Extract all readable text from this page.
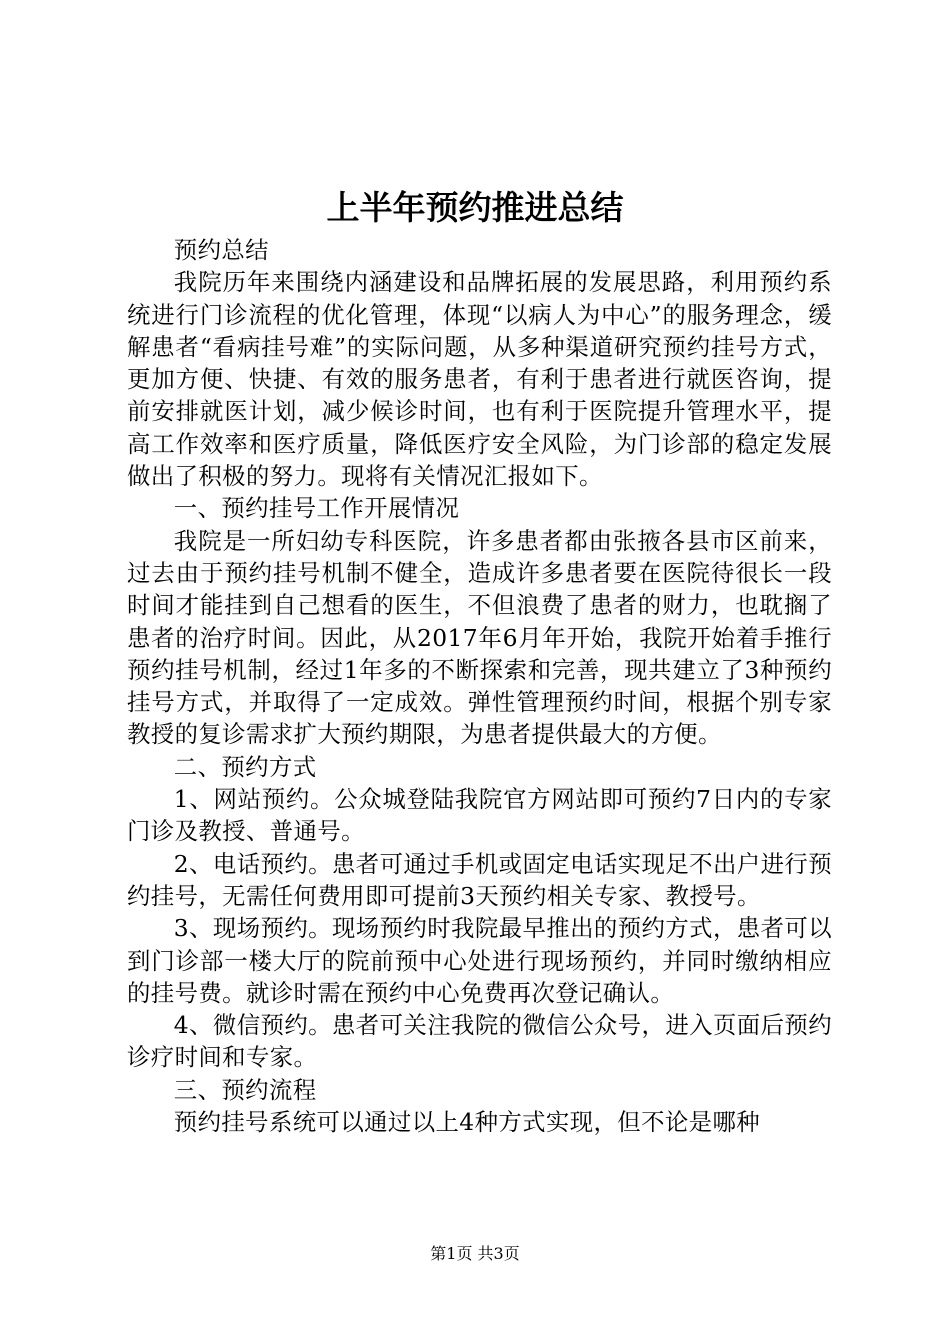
上半年预约推进总结

预约总结

我院历年来围绕内涵建设和品牌拓展的发展思路，利用预约系统进行门诊流程的优化管理，体现“以病人为中心”的服务理念，缓解患者“看病挂号难”的实际问题，从多种渠道研究预约挂号方式，更加方便、快捷、有效的服务患者，有利于患者进行就医咨询，提前安排就医计划，减少候诊时间，也有利于医院提升管理水平，提高工作效率和医疗质量，降低医疗安全风险，为门诊部的稳定发展做出了积极的努力。现将有关情况汇报如下。

一、预约挂号工作开展情况

我院是一所妇幼专科医院，许多患者都由张掖各县市区前来，过去由于预约挂号机制不健全，造成许多患者要在医院待很长一段时间才能挂到自己想看的医生，不但浪费了患者的财力，也耽搁了患者的治疗时间。因此，从2017年6月年开始，我院开始着手推行预约挂号机制，经过1年多的不断探索和完善，现共建立了3种预约挂号方式，并取得了一定成效。弹性管理预约时间，根据个别专家教授的复诊需求扩大预约期限，为患者提供最大的方便。

二、预约方式

1、网站预约。公众城登陆我院官方网站即可预约7日内的专家门诊及教授、普通号。

2、电话预约。患者可通过手机或固定电话实现足不出户进行预约挂号，无需任何费用即可提前3天预约相关专家、教授号。

3、现场预约。现场预约时我院最早推出的预约方式，患者可以到门诊部一楼大厅的院前预中心处进行现场预约，并同时缴纳相应的挂号费。就诊时需在预约中心免费再次登记确认。

4、微信预约。患者可关注我院的微信公众号，进入页面后预约诊疗时间和专家。

三、预约流程

预约挂号系统可以通过以上4种方式实现，但不论是哪种

第1页 共3页
